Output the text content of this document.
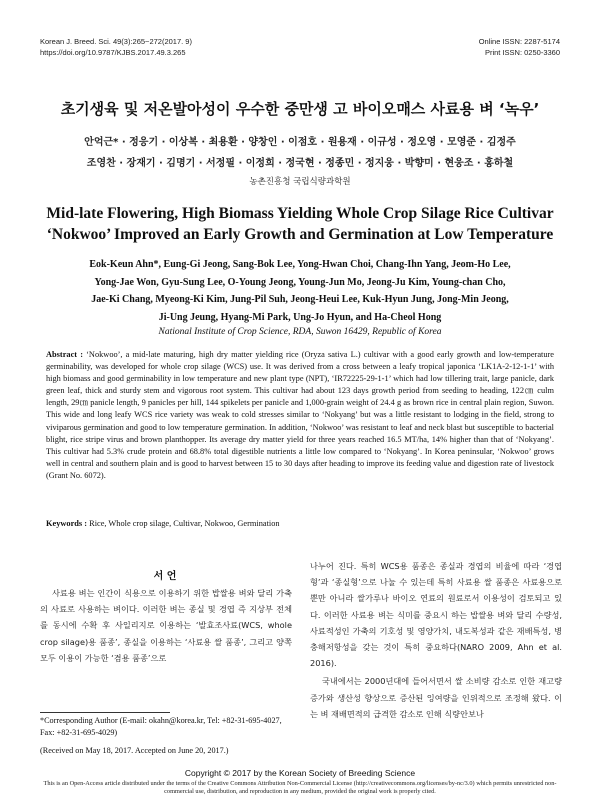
Korean J. Breed. Sci. 49(3):265~272(2017. 9)
https://doi.org/10.9787/KJBS.2017.49.3.265
Online ISSN: 2287-5174
Print ISSN: 0250-3360
초기생육 및 저온발아성이 우수한 중만생 고 바이오매스 사료용 벼 ‘녹우’
안억근* · 정응기 · 이상복 · 최용환 · 양창인 · 이점호 · 원용재 · 이규성 · 정오영 · 모영준 · 김정주
조영찬 · 장재기 · 김명기 · 서정필 · 이정희 · 정국현 · 정종민 · 정지웅 · 박향미 · 현웅조 · 홍하철
농촌진흥청 국립식량과학원
Mid-late Flowering, High Biomass Yielding Whole Crop Silage Rice Cultivar
‘Nokwoo’ Improved an Early Growth and Germination at Low Temperature
Eok-Keun Ahn*, Eung-Gi Jeong, Sang-Bok Lee, Yong-Hwan Choi, Chang-Ihn Yang, Jeom-Ho Lee,
Yong-Jae Won, Gyu-Sung Lee, O-Young Jeong, Young-Jun Mo, Jeong-Ju Kim, Young-chan Cho,
Jae-Ki Chang, Myeong-Ki Kim, Jung-Pil Suh, Jeong-Heui Lee, Kuk-Hyun Jung, Jong-Min Jeong,
Ji-Ung Jeung, Hyang-Mi Park, Ung-Jo Hyun, and Ha-Cheol Hong
National Institute of Crop Science, RDA, Suwon 16429, Republic of Korea
Abstract : ‘Nokwoo’, a mid-late maturing, high dry matter yielding rice (Oryza sativa L.) cultivar with a good early growth and low-temperature germinability, was developed for whole crop silage (WCS) use. It was derived from a cross between a leafy tropical japonica ‘LK1A-2-12-1-1’ with high biomass and good germinability in low temperature and new plant type (NPT), ‘IR72225-29-1-1’ which had low tillering trait, large panicle, dark green leaf, thick and sturdy stem and vigorous root system. This cultivar had about 123 days growth period from seeding to heading, 122㎝ culm length, 29㎝ panicle length, 9 panicles per hill, 144 spikelets per panicle and 1,000-grain weight of 24.4 g as brown rice in central plain region, Suwon. This wide and long leafy WCS rice variety was weak to cold stresses similar to ‘Nokyang’ but was a little resistant to lodging in the field, strong to viviparous germination and good to low temperature germination. In addition, ‘Nokwoo’ was resistant to leaf and neck blast but susceptible to bacterial blight, rice stripe virus and brown planthopper. Its average dry matter yield for three years reached 16.5 MT/ha, 14% higher than that of ‘Nokyang’. This cultivar had 5.3% crude protein and 68.8% total digestible nutrients a little low compared to ‘Nokyang’. In Korea peninsular, ‘Nokwoo’ grows well in central and southern plain and is good to harvest between 15 to 30 days after heading to improve its feeding value and digestion rate of livestock (Grant No. 6072).
Keywords : Rice, Whole crop silage, Cultivar, Nokwoo, Germination
서 언
사료용 벼는 인간이 식용으로 이용하기 위한 밥쌀용 벼와 달리 가축의 사료로 사용하는 벼이다. 이러한 벼는 종실 및 경엽 즉 지상부 전체를 동시에 수확 후 사일리지로 이용하는 ‘발효조사료(WCS, whole crop silage)용 품종’, 종실을 이용하는 ‘사료용 쌀 품종’, 그리고 양쪽 모두 이용이 가능한 ‘겸용 품종’으로

나누어 진다. 특히 WCS용 품종은 종실과 경엽의 비율에 따라 ‘경엽형’과 ‘종실형’으로 나눌 수 있는데 특히 사료용 쌀 품종은 사료용으로 뿐만 아니라 쌀가루나 바이오 연료의 원료로서 이용성이 검토되고 있다. 이러한 사료용 벼는 식미를 중요시 하는 밥쌀용 벼와 달리 수량성, 사료적성인 가축의 기호성 및 영양가치, 내도복성과 같은 재배특성, 병충해저항성을 갖는 것이 특히 중요하다(NARO 2009, Ahn et al. 2016).

국내에서는 2000년대에 들어서면서 쌀 소비량 감소로 인한 재고량 증가와 생산성 향상으로 증산된 잉여량을 인위적으로 조정해 왔다. 이는 벼 재배면적의 급격한 감소로 인해 식량안보나

*Corresponding Author (E-mail: okahn@korea.kr, Tel: +82-31-695-4027, Fax: +82-31-695-4029)
(Received on May 18, 2017. Accepted on June 20, 2017.)
Copyright © 2017 by the Korean Society of Breeding Science
This is an Open-Access article distributed under the terms of the Creative Commons Attribution Non-Commercial License (http://creativecommons.org/licenses/by-nc/3.0) which permits unrestricted non-commercial use, distribution, and reproduction in any medium, provided the original work is properly cited.
